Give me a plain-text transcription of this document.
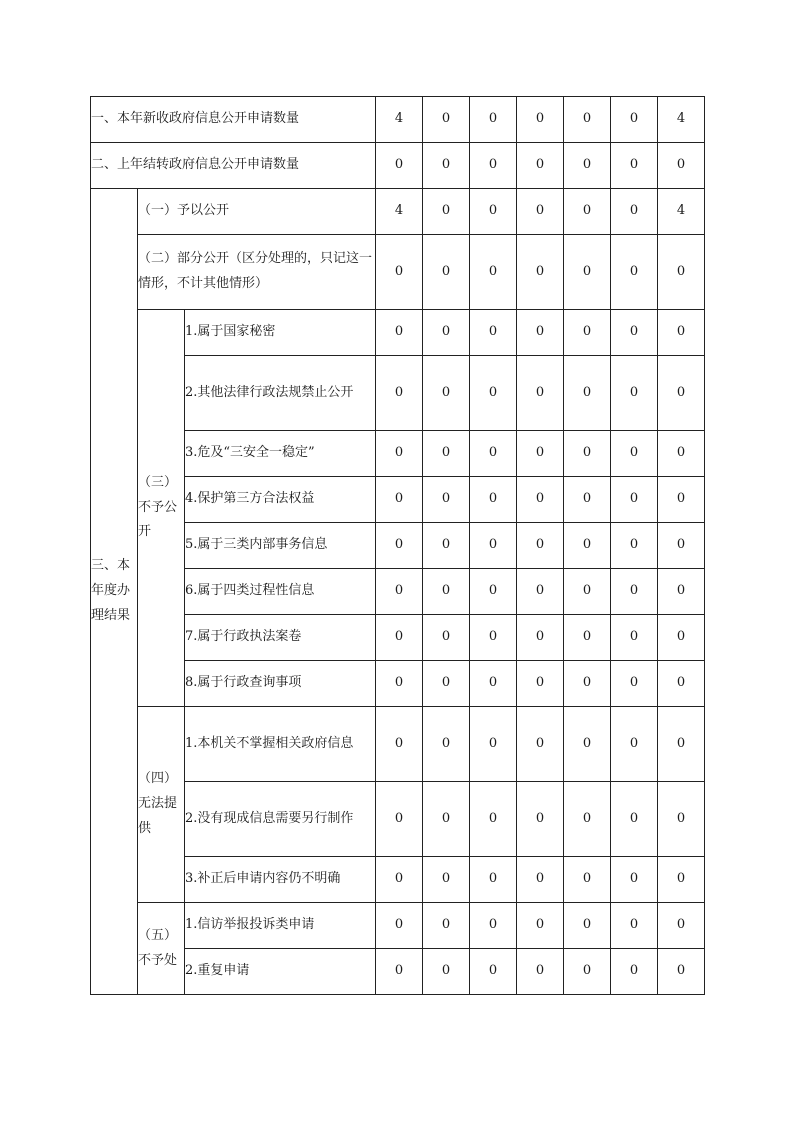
一、本年新收政府信息公开申请数量			4	0	0	0	0	0	4
二、上年结转政府信息公开申请数量			0	0	0	0	0	0	0
三、本年度办理结果	（一）予以公开		4	0	0	0	0	0	4
	（二）部分公开（区分处理的，只记这一情形，不计其他情形）		0	0	0	0	0	0	0
	（三）不予公开	1.属于国家秘密	0	0	0	0	0	0	0
		2.其他法律行政法规禁止公开	0	0	0	0	0	0	0
		3.危及“三安全一稳定”	0	0	0	0	0	0	0
		4.保护第三方合法权益	0	0	0	0	0	0	0
		5.属于三类内部事务信息	0	0	0	0	0	0	0
		6.属于四类过程性信息	0	0	0	0	0	0	0
		7.属于行政执法案卷	0	0	0	0	0	0	0
		8.属于行政查询事项	0	0	0	0	0	0	0
	（四）无法提供	1.本机关不掌握相关政府信息	0	0	0	0	0	0	0
		2.没有现成信息需要另行制作	0	0	0	0	0	0	0
		3.补正后申请内容仍不明确	0	0	0	0	0	0	0
	（五）不予处	1.信访举报投诉类申请	0	0	0	0	0	0	0
		2.重复申请	0	0	0	0	0	0	0
